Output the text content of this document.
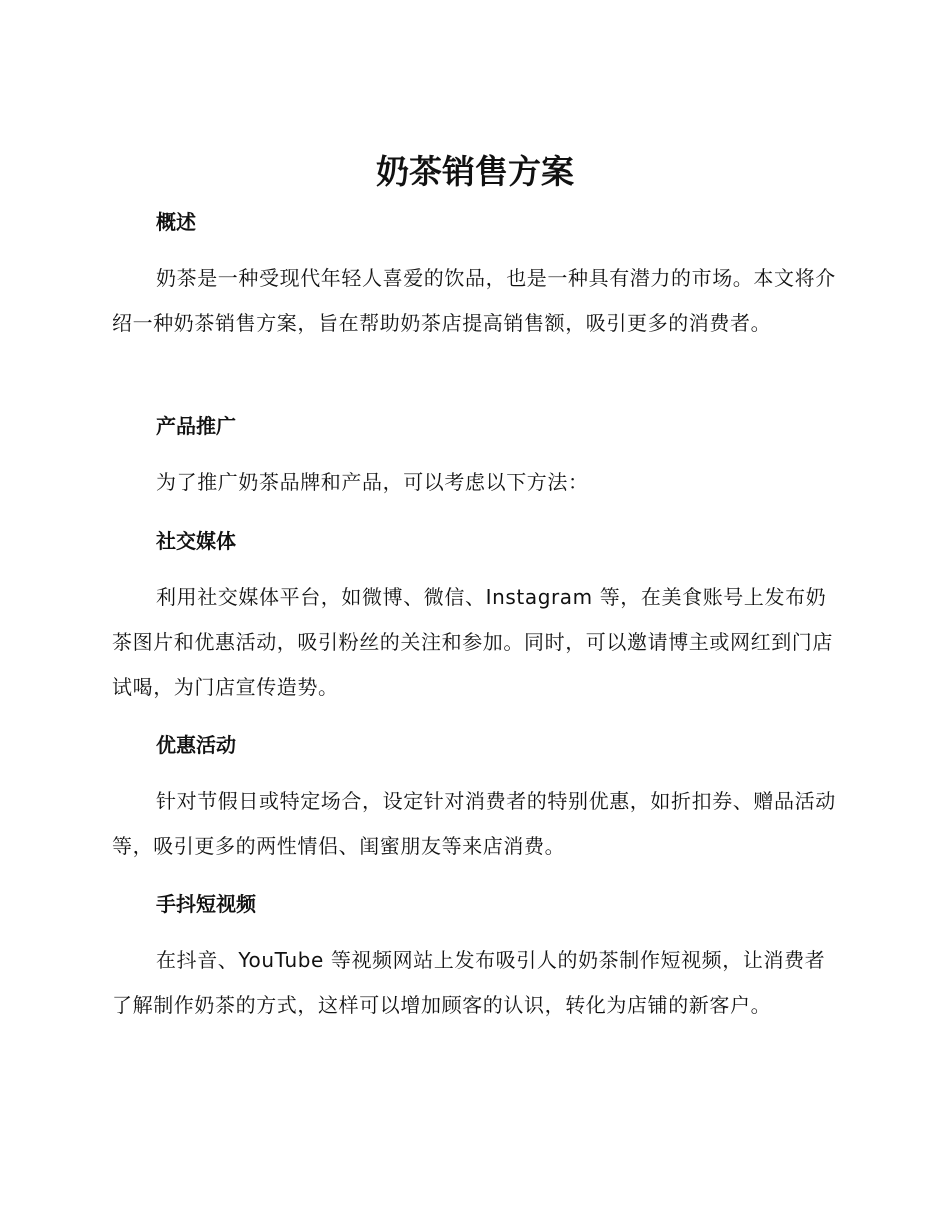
奶茶销售方案
概述
奶茶是一种受现代年轻人喜爱的饮品，也是一种具有潜力的市场。本文将介绍一种奶茶销售方案，旨在帮助奶茶店提高销售额，吸引更多的消费者。
产品推广
为了推广奶茶品牌和产品，可以考虑以下方法：
社交媒体
利用社交媒体平台，如微博、微信、Instagram 等，在美食账号上发布奶茶图片和优惠活动，吸引粉丝的关注和参加。同时，可以邀请博主或网红到门店试喝，为门店宣传造势。
优惠活动
针对节假日或特定场合，设定针对消费者的特别优惠，如折扣券、赠品活动等，吸引更多的两性情侣、闺蜜朋友等来店消费。
手抖短视频
在抖音、YouTube 等视频网站上发布吸引人的奶茶制作短视频，让消费者了解制作奶茶的方式，这样可以增加顾客的认识，转化为店铺的新客户。
